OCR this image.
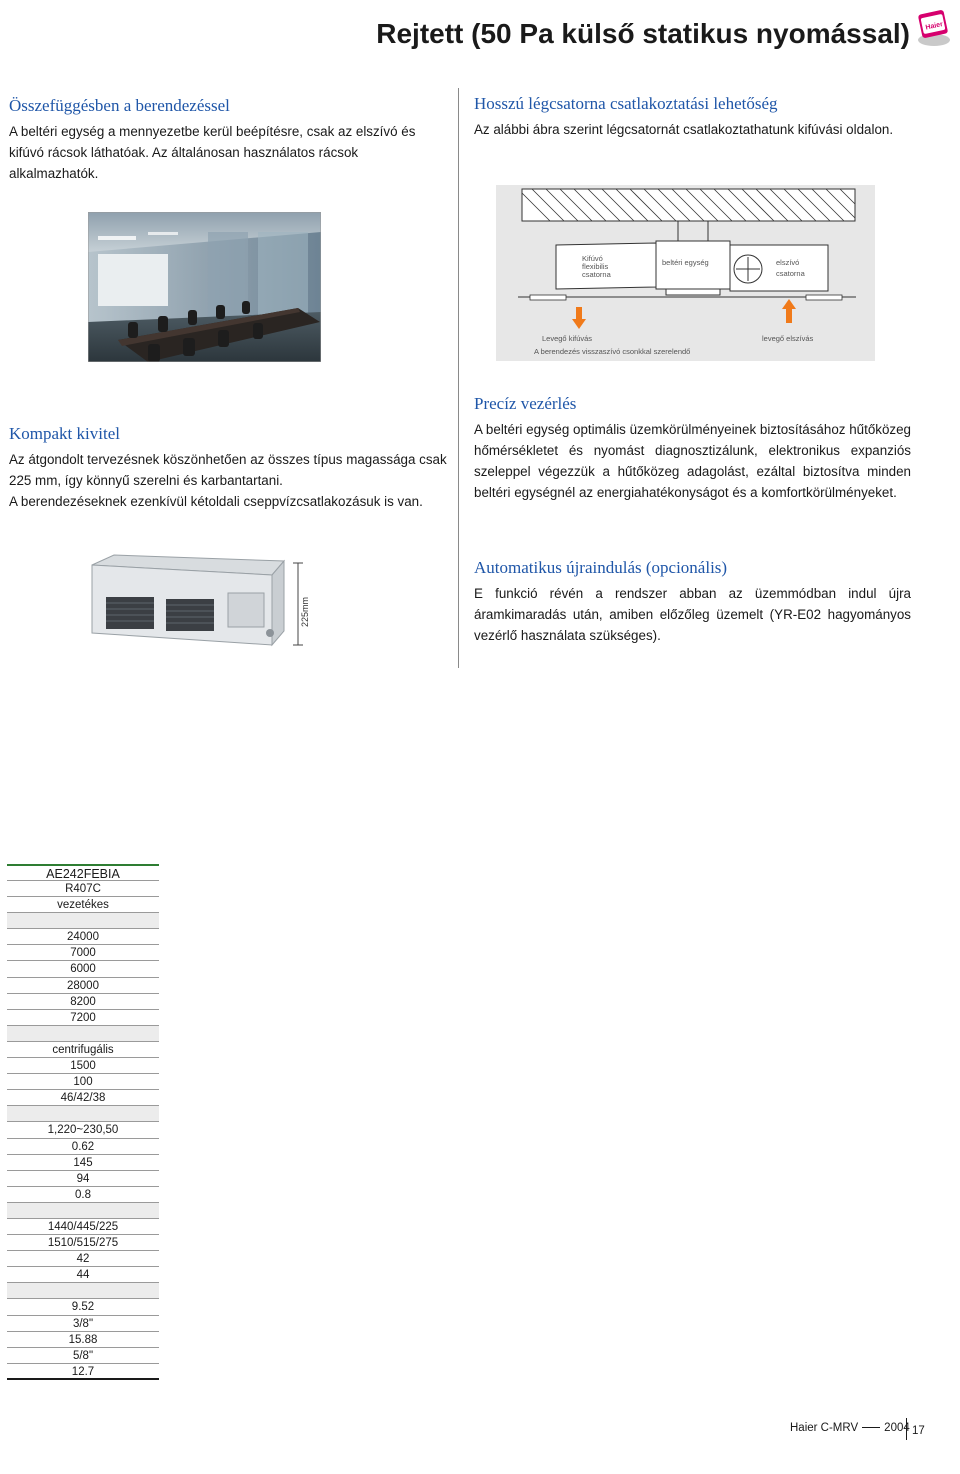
Rejtett (50 Pa külső statikus nyomással) Haier
Összefüggésben a berendezéssel
A beltéri egység a mennyezetbe kerül beépítésre, csak az elszívó és kifúvó rácsok láthatóak. Az általánosan használatos rácsok alkalmazhatók.
Hosszú légcsatorna csatlakoztatási lehetőség
Az alábbi ábra szerint légcsatornát csatlakoztathatunk kifúvási oldalon.
Kifúvó
flexibilis
csatorna
beltéri egység	elszívó
csatorna
Levegő kifúvás	levegő elszívás
A berendezés visszaszívó csonkkal szerelendő
Kompakt kivitel
Az átgondolt tervezésnek köszönhetően az összes típus magassága csak 225 mm, így könnyű szerelni és karbantartani.
A berendezéseknek ezenkívül kétoldali cseppvízcsatlakozásuk is van.
Precíz vezérlés
A beltéri egység optimális üzemkörülményeinek biztosításához hűtőközeg hőmérsékletet és nyomást diagnosztizálunk, elektronikus expanziós szeleppel végezzük a hűtőközeg adagolást, ezáltal biztosítva minden beltéri egységnél az energiahatékonyságot és a komfortkörülményeket.
225mm
Automatikus újraindulás (opcionális)
E funkció révén a rendszer abban az üzemmódban indul újra áramkimaradás után, amiben előzőleg üzemelt (YR-E02 hagyományos vezérlő használata szükséges).
AE242FEBIA
R407C
vezetékes
24000
7000
6000
28000
8200
7200
centrifugális
1500
100
46/42/38
1,220~230,50
0.62
145
94
0.8
1440/445/225
1510/515/275
42
44
9.52
3/8"
15.88
5/8"
12.7
Haier C-MRV 2004 17
